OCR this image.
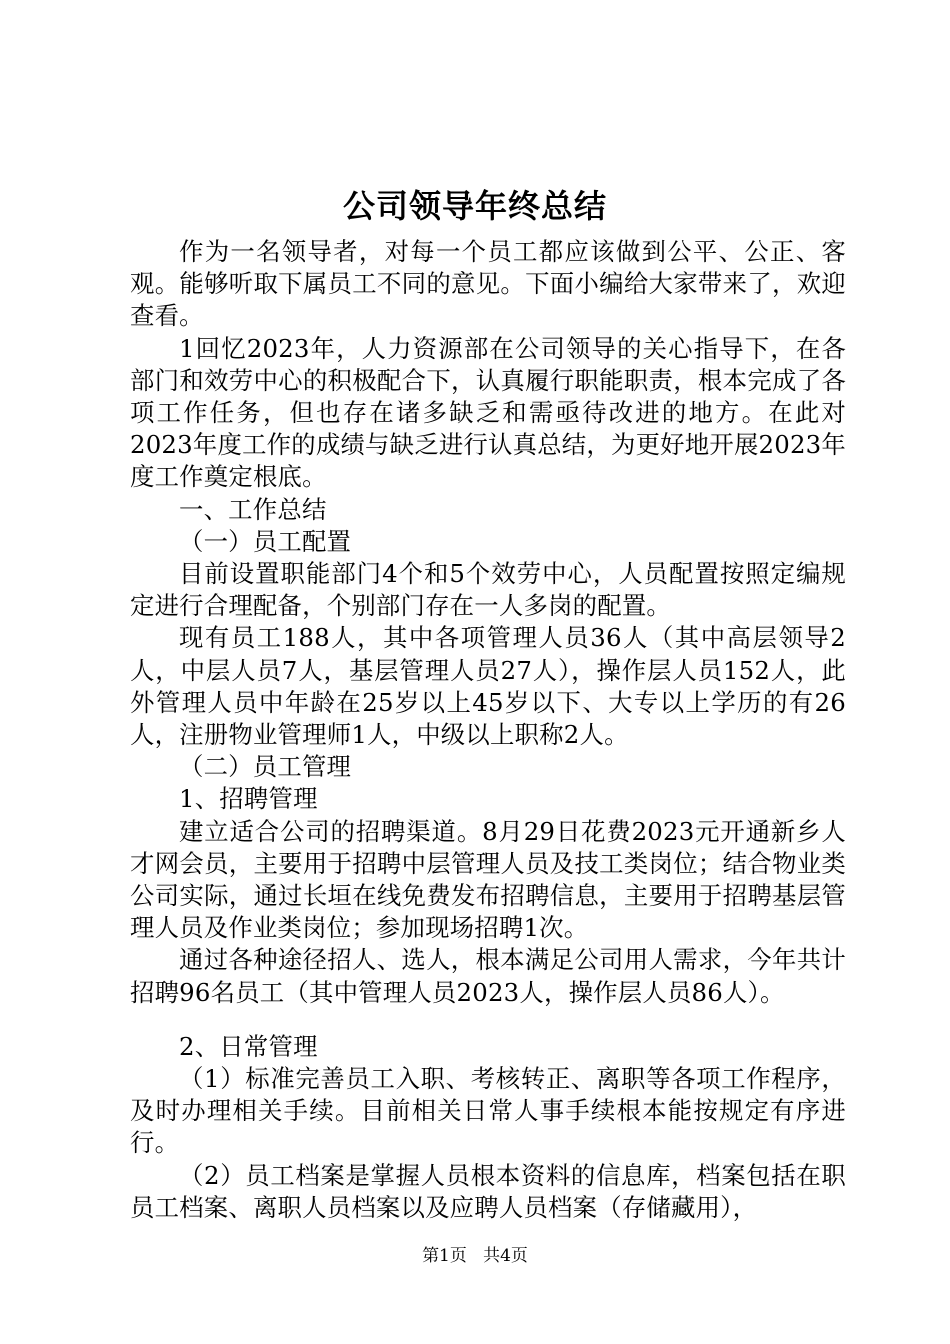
公司领导年终总结

作为一名领导者，对每一个员工都应该做到公平、公正、客观。能够听取下属员工不同的意见。下面小编给大家带来了，欢迎查看。

1回忆2023年，人力资源部在公司领导的关心指导下，在各部门和效劳中心的积极配合下，认真履行职能职责，根本完成了各项工作任务，但也存在诸多缺乏和需亟待改进的地方。在此对2023年度工作的成绩与缺乏进行认真总结，为更好地开展2023年度工作奠定根底。

一、工作总结

（一）员工配置

目前设置职能部门4个和5个效劳中心，人员配置按照定编规定进行合理配备，个别部门存在一人多岗的配置。

现有员工188人，其中各项管理人员36人（其中高层领导2人，中层人员7人，基层管理人员27人），操作层人员152人，此外管理人员中年龄在25岁以上45岁以下、大专以上学历的有26人，注册物业管理师1人，中级以上职称2人。

（二）员工管理

1、招聘管理

建立适合公司的招聘渠道。8月29日花费2023元开通新乡人才网会员，主要用于招聘中层管理人员及技工类岗位；结合物业类公司实际，通过长垣在线免费发布招聘信息，主要用于招聘基层管理人员及作业类岗位；参加现场招聘1次。

通过各种途径招人、选人，根本满足公司用人需求，今年共计招聘96名员工（其中管理人员2023人，操作层人员86人）。

2、日常管理

（1）标准完善员工入职、考核转正、离职等各项工作程序，及时办理相关手续。目前相关日常人事手续根本能按规定有序进行。

（2）员工档案是掌握人员根本资料的信息库，档案包括在职员工档案、离职人员档案以及应聘人员档案（存储藏用），

第1页 共4页
